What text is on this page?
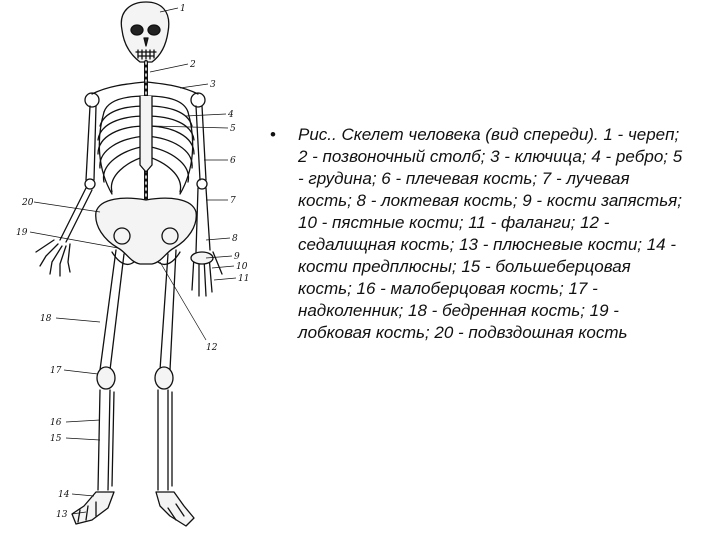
1
2
3
4
5
6
7
8
9
10
11
12
13
14
15
16
17
18
19
20
•	Рис.. Скелет человека (вид спереди). 1 - череп; 2 - позвоночный столб; 3 - ключица; 4 - ребро; 5 - грудина; 6 - плечевая кость; 7 - лучевая кость; 8 - локтевая кость; 9 - кости запястья; 10 - пястные кости; 11 - фаланги; 12 - седалищная кость; 13 - плюсневые кости; 14 - кости предплюсны; 15 - большеберцовая кость; 16 - малоберцовая кость; 17 - надколенник; 18 - бедренная кость; 19 - лобковая кость; 20 - подвздошная кость
